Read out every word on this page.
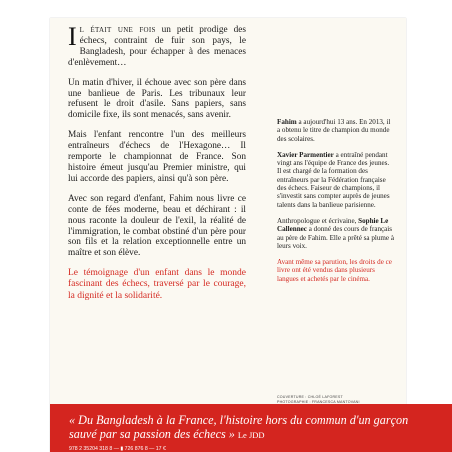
Il était une fois un petit prodige des échecs, contraint de fuir son pays, le Bangladesh, pour échapper à des menaces d'enlèvement…

Un matin d'hiver, il échoue avec son père dans une banlieue de Paris. Les tribunaux leur refusent le droit d'asile. Sans papiers, sans domicile fixe, ils sont menacés, sans avenir.

Mais l'enfant rencontre l'un des meilleurs entraîneurs d'échecs de l'Hexagone… Il remporte le championnat de France. Son histoire émeut jusqu'au Premier ministre, qui lui accorde des papiers, ainsi qu'à son père.

Avec son regard d'enfant, Fahim nous livre ce conte de fées moderne, beau et déchirant : il nous raconte la douleur de l'exil, la réalité de l'immigration, le combat obstiné d'un père pour son fils et la relation exceptionnelle entre un maître et son élève.

Le témoignage d'un enfant dans le monde fascinant des échecs, traversé par le courage, la dignité et la solidarité.

Fahim a aujourd'hui 13 ans. En 2013, il a obtenu le titre de champion du monde des scolaires.

Xavier Parmentier a entraîné pendant vingt ans l'équipe de France des jeunes. Il est chargé de la formation des entraîneurs par la Fédération française des échecs. Faiseur de champions, il s'investit sans compter auprès de jeunes talents dans la banlieue parisienne.

Anthropologue et écrivaine, Sophie Le Callennec a donné des cours de français au père de Fahim. Elle a prêté sa plume à leurs voix.

Avant même sa parution, les droits de ce livre ont été vendus dans plusieurs langues et achetés par le cinéma.

COUVERTURE : CHLOÉ LAFOREST
PHOTOGRAPHIE : FRANCESCA MANTOVANI
« Du Bangladesh à la France, l'histoire hors du commun d'un garçon sauvé par sa passion des échecs » Le JDD
978 2 35204 318 8 — ▮ 726 876 8 — 17 €
